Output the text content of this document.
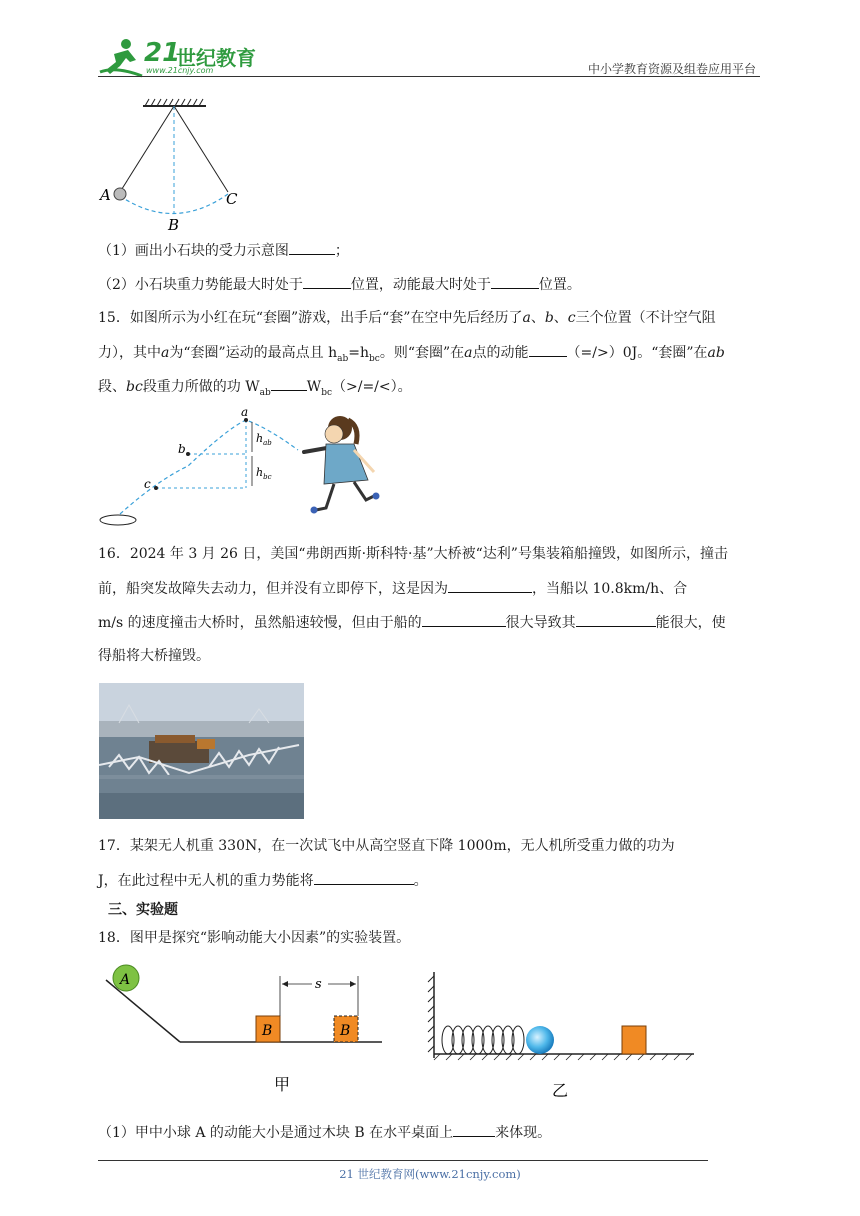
21
世纪教育
www.21cnjy.com	中小学教育资源及组卷应用平台
A
B
C
（1）画出小石块的受力示意图	；
（2）小石块重力势能最大时处于	位置，动能最大时处于	位置。
15．如图所示为小红在玩“套圈”游戏，出手后“套”在空中先后经历了a、b、c三个位置（不计空气阻
力），其中a为“套圈”运动的最高点且 $h_{ab}=h_{bc}$。则“套圈”在a点的动能	（=/>）0J。“套圈”在ab
段、bc段重力所做的功 $W_{ab}$	$W_{bc}(>/=/<)$。
a
b
c
$h_{ab}$
$h_{bc}$
16．2024 年 3 月 26 日，美国“弗朗西斯·斯科特·基”大桥被“达利”号集装箱船撞毁，如图所示，撞击
前，船突发故障失去动力，但并没有立即停下，这是因为	，当船以 10.8km/h、合
m/s 的速度撞击大桥时，虽然船速较慢，但由于船的	很大导致其	能很大，使
得船将大桥撞毁。
17．某架无人机重 330N，在一次试飞中从高空竖直下降 1000m，无人机所受重力做的功为
J，在此过程中无人机的重力势能将	。
三、实验题
18．图甲是探究“影响动能大小因素”的实验装置。
A
B	B
s
甲	乙
（1）甲中小球 A 的动能大小是通过木块 B 在水平桌面上	来体现。
21 世纪教育网(www.21cnjy.com)
